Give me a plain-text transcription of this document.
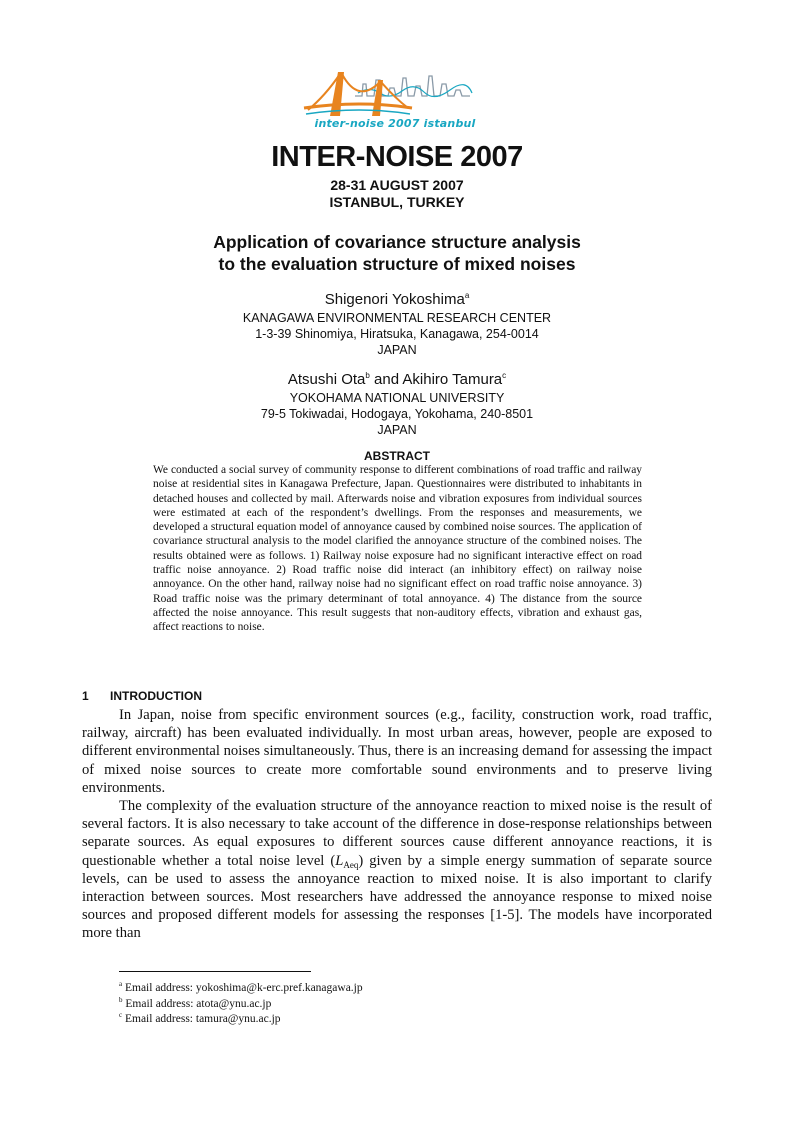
inter-noise 2007 istanbul
INTER-NOISE 2007
28-31 AUGUST 2007
ISTANBUL, TURKEY
Application of covariance structure analysis
to the evaluation structure of mixed noises
Shigenori Yokoshima$^a$
KANAGAWA ENVIRONMENTAL RESEARCH CENTER
1-3-39 Shinomiya, Hiratsuka, Kanagawa, 254-0014
JAPAN
Atsushi Ota$^b$ and Akihiro Tamura$^c$
YOKOHAMA NATIONAL UNIVERSITY
79-5 Tokiwadai, Hodogaya, Yokohama, 240-8501
JAPAN
ABSTRACT
We conducted a social survey of community response to different combinations of road traffic and railway noise at residential sites in Kanagawa Prefecture, Japan. Questionnaires were distributed to inhabitants in detached houses and collected by mail. Afterwards noise and vibration exposures from individual sources were estimated at each of the respondent’s dwellings. From the responses and measurements, we developed a structural equation model of annoyance caused by combined noise sources. The application of covariance structural analysis to the model clarified the annoyance structure of the combined noises. The results obtained were as follows. 1) Railway noise exposure had no significant interactive effect on road traffic noise annoyance. 2) Road traffic noise did interact (an inhibitory effect) on railway noise annoyance. On the other hand, railway noise had no significant effect on road traffic noise annoyance. 3) Road traffic noise was the primary determinant of total annoyance. 4) The distance from the source affected the noise annoyance. This result suggests that non-auditory effects, vibration and exhaust gas, affect reactions to noise.
1 INTRODUCTION

In Japan, noise from specific environment sources (e.g., facility, construction work, road traffic, railway, aircraft) has been evaluated individually. In most urban areas, however, people are exposed to different environmental noises simultaneously. Thus, there is an increasing demand for assessing the impact of mixed noise sources to create more comfortable sound environments and to preserve living environments.

The complexity of the evaluation structure of the annoyance reaction to mixed noise is the result of several factors. It is also necessary to take account of the difference in dose-response relationships between separate sources. As equal exposures to different sources cause different annoyance reactions, it is questionable whether a total noise level $(L_{Aeq})$ given by a simple energy summation of separate source levels, can be used to assess the annoyance reaction to mixed noise. It is also important to clarify interaction between sources. Most researchers have addressed the annoyance response to mixed noise sources and proposed different models for assessing the responses [1-5]. The models have incorporated more than

$^a$ Email address: yokoshima@k-erc.pref.kanagawa.jp
$^b$ Email address: atota@ynu.ac.jp
$^c$ Email address: tamura@ynu.ac.jp
